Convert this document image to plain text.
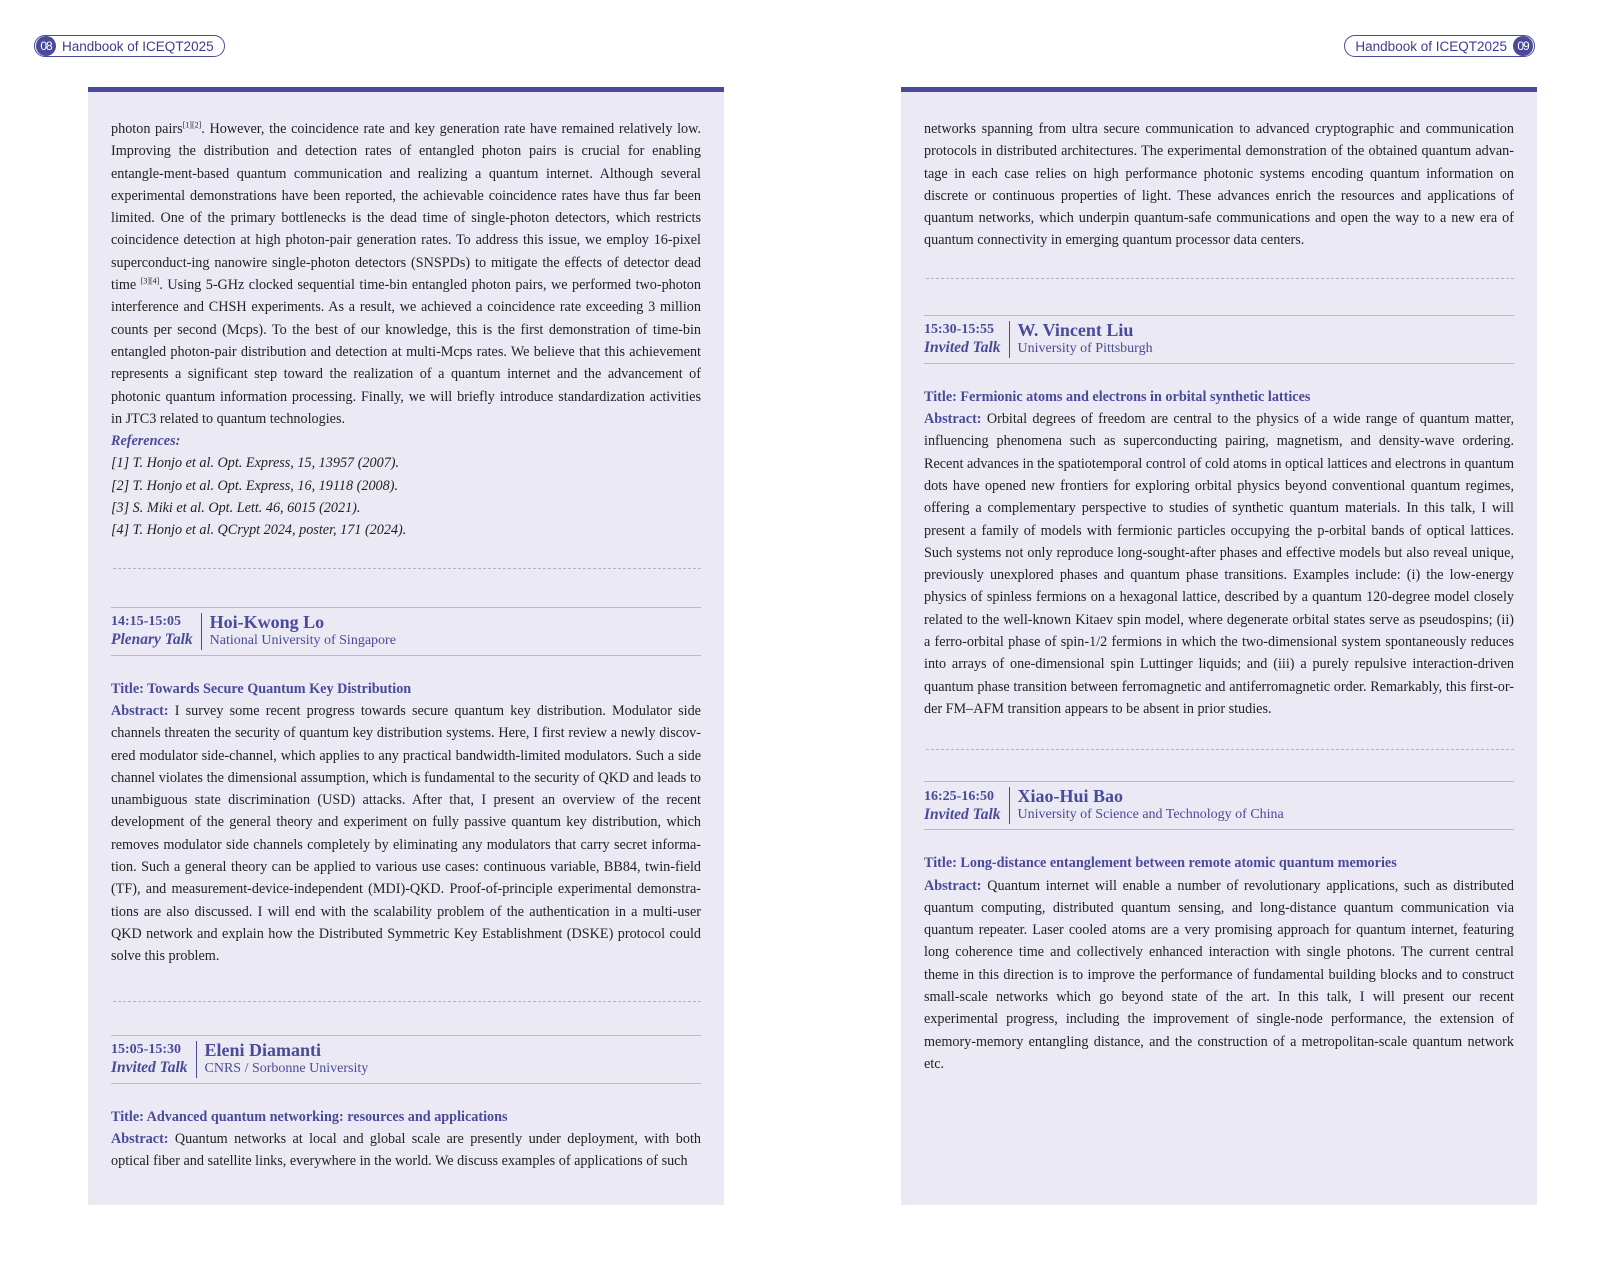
08 Handbook of ICEQT2025	Handbook of ICEQT2025 09

photon pairs[1][2]. However, the coincidence rate and key generation rate have remained relatively low. Improving the distribution and detection rates of entangled photon pairs is crucial for enabling entangle-ment-based quantum communication and realizing a quantum internet. Although several experimental demonstrations have been reported, the achievable coincidence rates have thus far been limited. One of the primary bottlenecks is the dead time of single-photon detectors, which restricts coincidence detection at high photon-pair generation rates. To address this issue, we employ 16-pixel superconduct-ing nanowire single-photon detectors (SNSPDs) to mitigate the effects of detector dead time [3][4]. Using 5-GHz clocked sequential time-bin entangled photon pairs, we performed two-photon interference and CHSH experiments. As a result, we achieved a coincidence rate exceeding 3 million counts per second (Mcps). To the best of our knowledge, this is the first demonstration of time-bin entangled photon-pair distribution and detection at multi-Mcps rates. We believe that this achievement represents a significant step toward the realization of a quantum internet and the advancement of photonic quantum information processing. Finally, we will briefly introduce standardization activities in JTC3 related to quantum technologies.

References:
[1] T. Honjo et al. Opt. Express, 15, 13957 (2007).
[2] T. Honjo et al. Opt. Express, 16, 19118 (2008).
[3] S. Miki et al. Opt. Lett. 46, 6015 (2021).
[4] T. Honjo et al. QCrypt 2024, poster, 171 (2024).
14:15-15:05
Plenary Talk
Hoi-Kwong Lo
National University of Singapore
Title: Towards Secure Quantum Key Distribution

Abstract: I survey some recent progress towards secure quantum key distribution. Modulator side channels threaten the security of quantum key distribution systems. Here, I first review a newly discov-ered modulator side-channel, which applies to any practical bandwidth-limited modulators. Such a side channel violates the dimensional assumption, which is fundamental to the security of QKD and leads to unambiguous state discrimination (USD) attacks. After that, I present an overview of the recent development of the general theory and experiment on fully passive quantum key distribution, which removes modulator side channels completely by eliminating any modulators that carry secret informa-tion. Such a general theory can be applied to various use cases: continuous variable, BB84, twin-field (TF), and measurement-device-independent (MDI)-QKD. Proof-of-principle experimental demonstra-tions are also discussed. I will end with the scalability problem of the authentication in a multi-user QKD network and explain how the Distributed Symmetric Key Establishment (DSKE) protocol could solve this problem.

15:05-15:30
Invited Talk
Eleni Diamanti
CNRS / Sorbonne University
Title: Advanced quantum networking: resources and applications

Abstract: Quantum networks at local and global scale are presently under deployment, with both optical fiber and satellite links, everywhere in the world. We discuss examples of applications of such

networks spanning from ultra secure communication to advanced cryptographic and communication protocols in distributed architectures. The experimental demonstration of the obtained quantum advan-tage in each case relies on high performance photonic systems encoding quantum information on discrete or continuous properties of light. These advances enrich the resources and applications of quantum networks, which underpin quantum-safe communications and open the way to a new era of quantum connectivity in emerging quantum processor data centers.

15:30-15:55
Invited Talk
W. Vincent Liu
University of Pittsburgh
Title: Fermionic atoms and electrons in orbital synthetic lattices

Abstract: Orbital degrees of freedom are central to the physics of a wide range of quantum matter, influencing phenomena such as superconducting pairing, magnetism, and density-wave ordering. Recent advances in the spatiotemporal control of cold atoms in optical lattices and electrons in quantum dots have opened new frontiers for exploring orbital physics beyond conventional quantum regimes, offering a complementary perspective to studies of synthetic quantum materials. In this talk, I will present a family of models with fermionic particles occupying the p-orbital bands of optical lattices. Such systems not only reproduce long-sought-after phases and effective models but also reveal unique, previously unexplored phases and quantum phase transitions. Examples include: (i) the low-energy physics of spinless fermions on a hexagonal lattice, described by a quantum 120-degree model closely related to the well-known Kitaev spin model, where degenerate orbital states serve as pseudospins; (ii) a ferro-orbital phase of spin-1/2 fermions in which the two-dimensional system spontaneously reduces into arrays of one-dimensional spin Luttinger liquids; and (iii) a purely repulsive interaction-driven quantum phase transition between ferromagnetic and antiferromagnetic order. Remarkably, this first-or-der FM–AFM transition appears to be absent in prior studies.

16:25-16:50
Invited Talk
Xiao-Hui Bao
University of Science and Technology of China
Title: Long-distance entanglement between remote atomic quantum memories

Abstract: Quantum internet will enable a number of revolutionary applications, such as distributed quantum computing, distributed quantum sensing, and long-distance quantum communication via quantum repeater. Laser cooled atoms are a very promising approach for quantum internet, featuring long coherence time and collectively enhanced interaction with single photons. The current central theme in this direction is to improve the performance of fundamental building blocks and to construct small-scale networks which go beyond state of the art. In this talk, I will present our recent experimental progress, including the improvement of single-node performance, the extension of memory-memory entangling distance, and the construction of a metropolitan-scale quantum network etc.
